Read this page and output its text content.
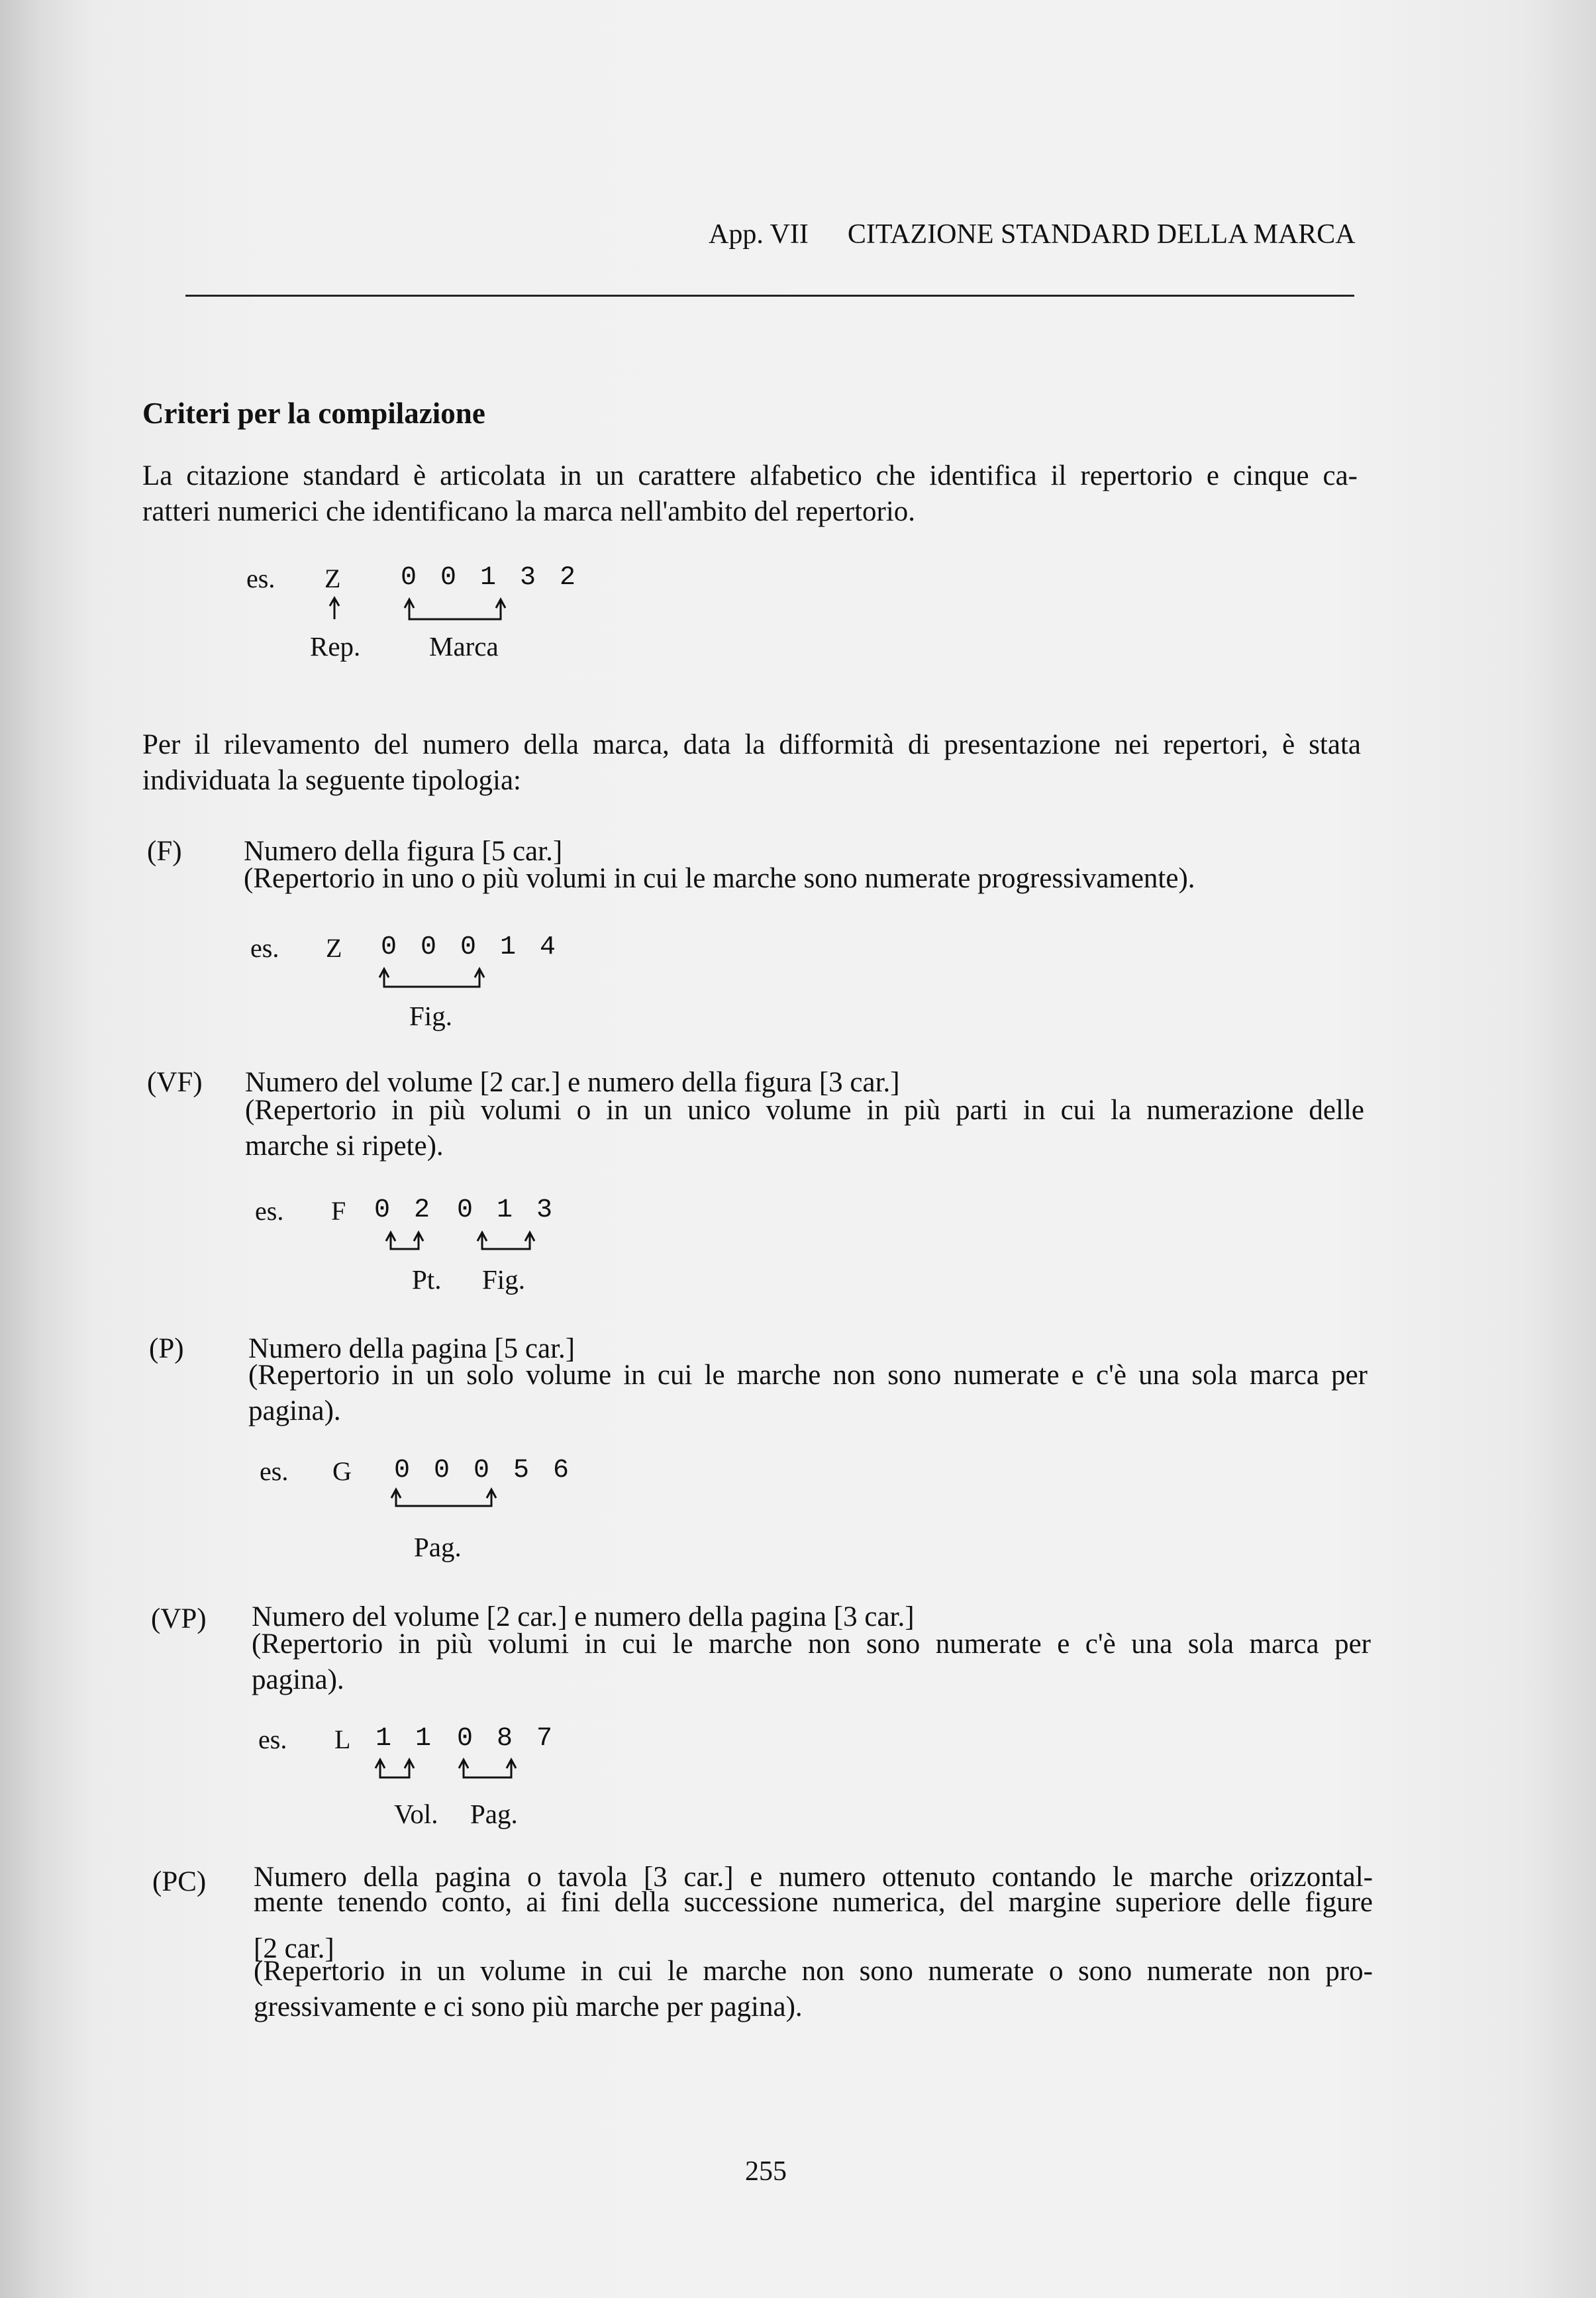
App. VII CITAZIONE STANDARD DELLA MARCA
Criteri per la compilazione
La citazione standard è articolata in un carattere alfabetico che identifica il repertorio e cinque ca-
ratteri numerici che identificano la marca nell'ambito del repertorio.
es. Z 0 0 1 3 2
Rep.	Marca
Per il rilevamento del numero della marca, data la difformità di presentazione nei repertori, è stata
individuata la seguente tipologia:
(F) Numero della figura [5 car.]
(Repertorio in uno o più volumi in cui le marche sono numerate progressivamente).
es. Z 0 0 0 1 4
Fig.
(VF) Numero del volume [2 car.] e numero della figura [3 car.]
(Repertorio in più volumi o in un unico volume in più parti in cui la numerazione delle
marche si ripete).
es. F 0 2 0 1 3
Pt. Fig.
(P) Numero della pagina [5 car.]
(Repertorio in un solo volume in cui le marche non sono numerate e c'è una sola marca per
pagina).
es. G 0 0 0 5 6
Pag.
(VP) Numero del volume [2 car.] e numero della pagina [3 car.]
(Repertorio in più volumi in cui le marche non sono numerate e c'è una sola marca per
pagina).
es. L 1 1 0 8 7
Vol. Pag.
(PC) Numero della pagina o tavola [3 car.] e numero ottenuto contando le marche orizzontal-
mente tenendo conto, ai fini della successione numerica, del margine superiore delle figure
[2 car.]
(Repertorio in un volume in cui le marche non sono numerate o sono numerate non pro-
gressivamente e ci sono più marche per pagina).
255
